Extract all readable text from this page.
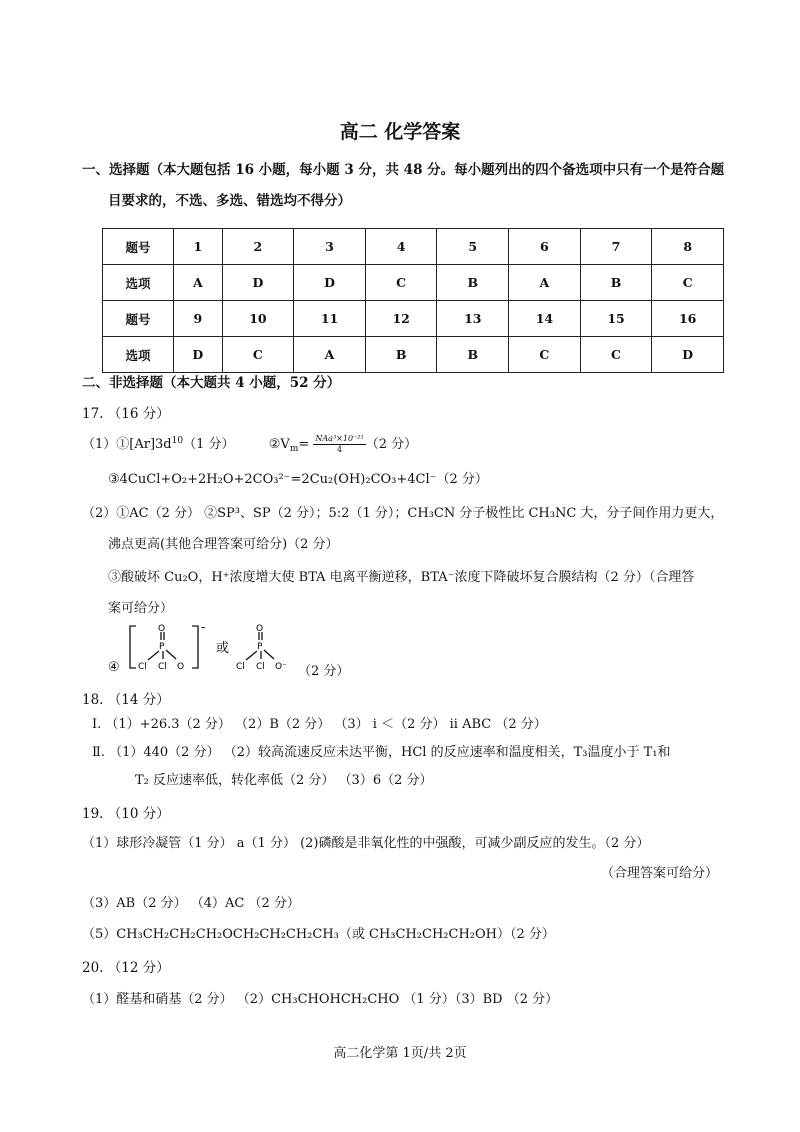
高二 化学答案
一、选择题（本大题包括 16 小题，每小题 3 分，共 48 分。每小题列出的四个备选项中只有一个是符合题
目要求的，不选、多选、错选均不得分）
题号	1	2	3	4	5	6	7	8
选项	A	D	D	C	B	A	B	C
题号	9	10	11	12	13	14	15	16
选项	D	C	A	B	B	C	C	D
二、非选择题（本大题共 4 小题，52 分）
17. （16 分）
$(1)①[Ar]3d^{10}(1$ 分）	$②V_m= \frac{\text{NAa³×10⁻²¹}}{4} (2$ 分）
③4CuCl+O₂+2H₂O+2CO₃²⁻=2Cu₂(OH)₂CO₃+4Cl⁻（2 分）
（2）①AC（2 分） ②SP³、SP（2 分）；5:2（1 分）；CH₃CN 分子极性比 CH₃NC 大，分子间作用力更大，
沸点更高(其他合理答案可给分)（2 分）
③酸破坏 Cu₂O，H⁺浓度增大使 BTA 电离平衡逆移，BTA⁻浓度下降破坏复合膜结构（2 分）（合理答
案可给分）
④
O
P
Cl Cl O
-
或
O
P
Cl Cl O⁻ （2 分）
18. （14 分）
Ⅰ. （1）+26.3（2 分） （2）B（2 分） （3） i ＜（2 分） ii ABC （2 分）
Ⅱ. （1）440（2 分） （2）较高流速反应未达平衡，HCl 的反应速率和温度相关，T₃温度小于 T₁和
T₂ 反应速率低，转化率低（2 分） （3）6（2 分）
19. （10 分）
（1）球形冷凝管（1 分） a（1 分） (2)磷酸是非氧化性的中强酸，可减少副反应的发生。（2 分）
（合理答案可给分）
（3）AB（2 分） （4）AC （2 分）
（5）CH₃CH₂CH₂CH₂OCH₂CH₂CH₂CH₃（或 CH₃CH₂CH₂CH₂OH）（2 分）
20. （12 分）
（1）醛基和硝基（2 分） （2）CH₃CHOHCH₂CHO （1 分）（3）BD （2 分）
高二化学第 1页/共 2页
